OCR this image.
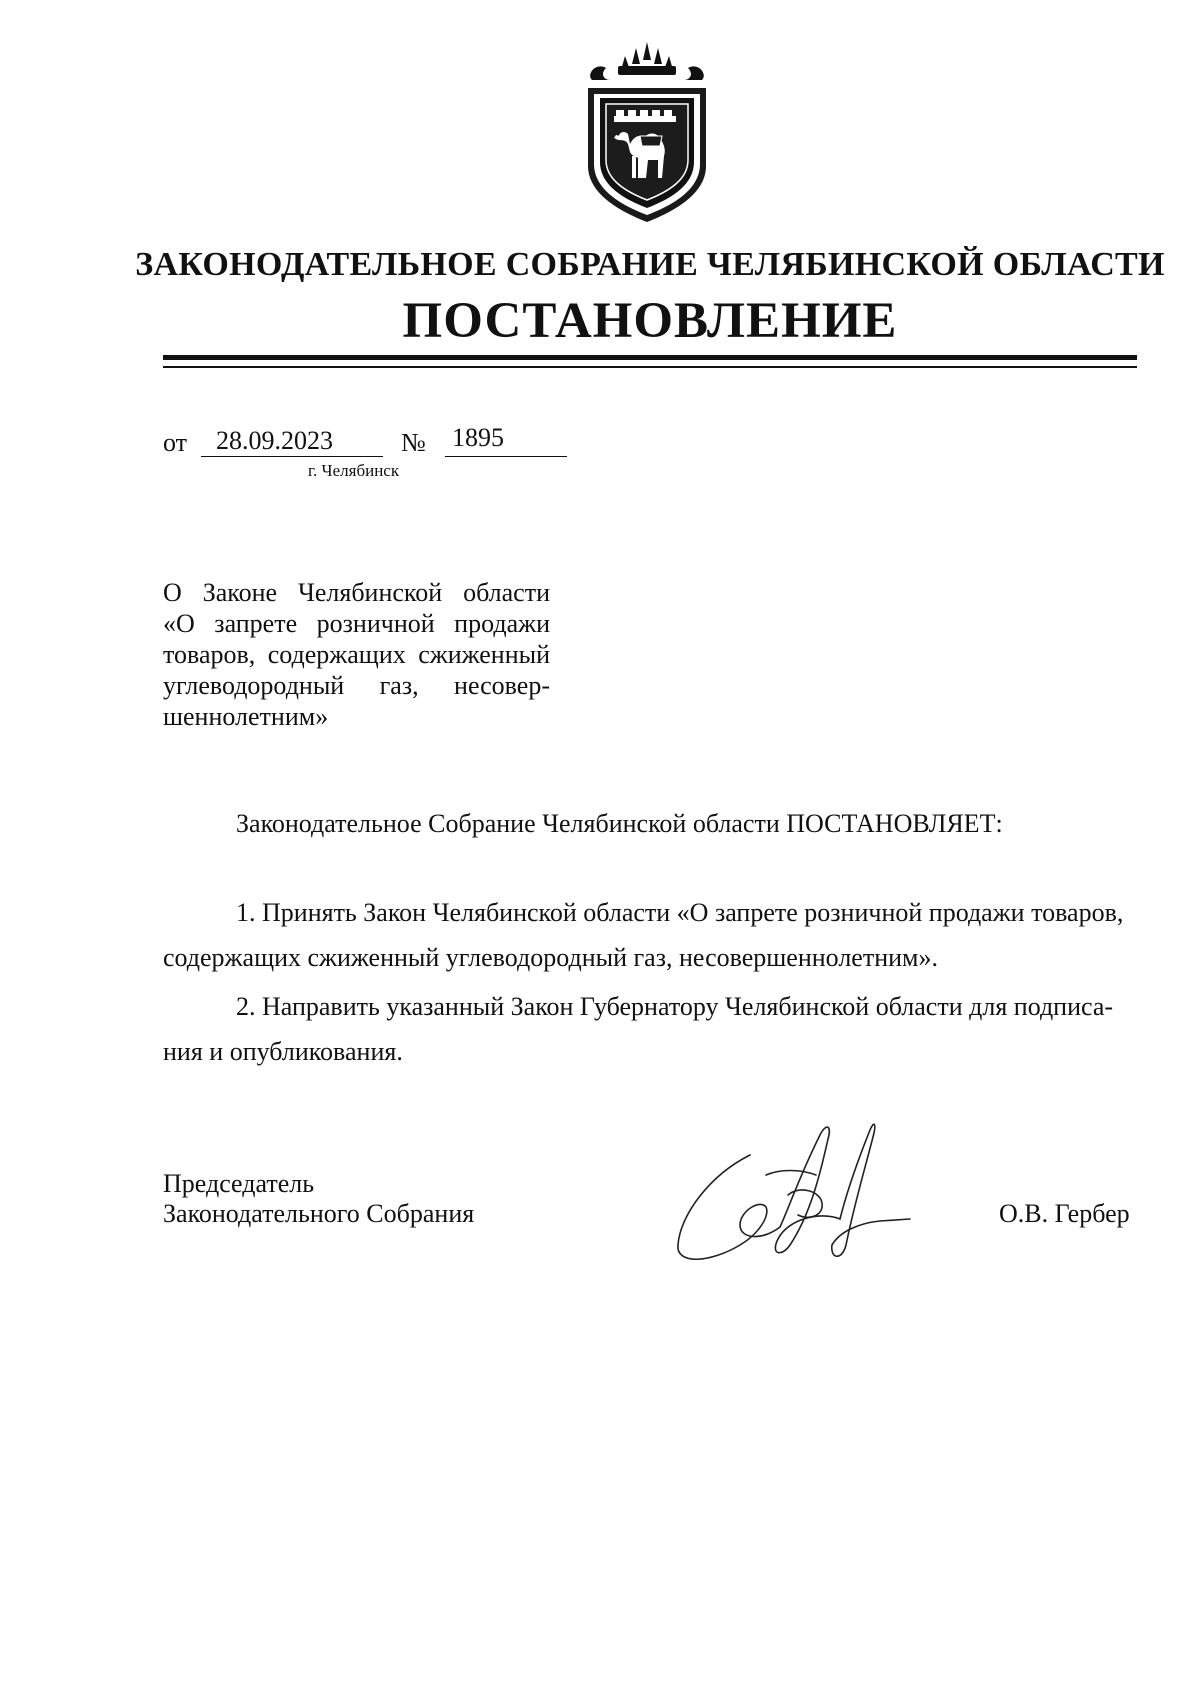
ЗАКОНОДАТЕЛЬНОЕ СОБРАНИЕ ЧЕЛЯБИНСКОЙ ОБЛАСТИ
ПОСТАНОВЛЕНИЕ
от 28.09.2023	№ 1895
г. Челябинск
О Законе Челябинской области
«О запрете розничной продажи
товаров, содержащих сжиженный
углеводородный газ, несовер-
шеннолетним»
Законодательное Собрание Челябинской области ПОСТАНОВЛЯЕТ:
1. Принять Закон Челябинской области «О запрете розничной продажи товаров,
содержащих сжиженный углеводородный газ, несовершеннолетним».
2. Направить указанный Закон Губернатору Челябинской области для подписа-
ния и опубликования.
Председатель
Законодательного Собрания	О.В. Гербер
